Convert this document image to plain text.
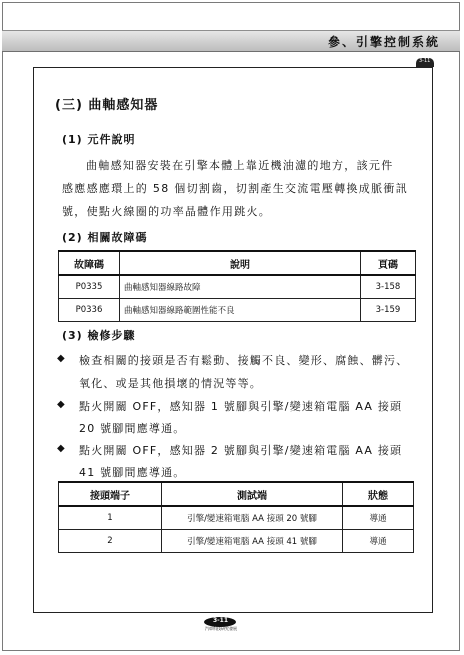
參、引擎控制系統
3-11
(三) 曲軸感知器
(1) 元件說明
曲軸感知器安裝在引擎本體上靠近機油濾的地方，該元件
感應感應環上的 58 個切割齒，切割產生交流電壓轉換成脈衝訊
號，使點火線圈的功率晶體作用跳火。
(2) 相關故障碼
故障碼	說明	頁碼
P0335	曲軸感知器線路故障	3-158
P0336	曲軸感知器線路範圍性能不良	3-159
(3) 檢修步驟
◆ 檢查相關的接頭是否有鬆動、接觸不良、變形、腐蝕、髒污、
氧化、或是其他損壞的情況等等。
◆ 點火開關 OFF，感知器 1 號腳與引擎/變速箱電腦 AA 接頭
20 號腳間應導通。
◆ 點火開關 OFF，感知器 2 號腳與引擎/變速箱電腦 AA 接頭
41 號腳間應導通。
接頭端子	測試端	狀態
1	引擎/變速箱電腦 AA 接頭 20 號腳	導通
2	引擎/變速箱電腦 AA 接頭 41 號腳	導通
3-11
汽車科技研究發展
